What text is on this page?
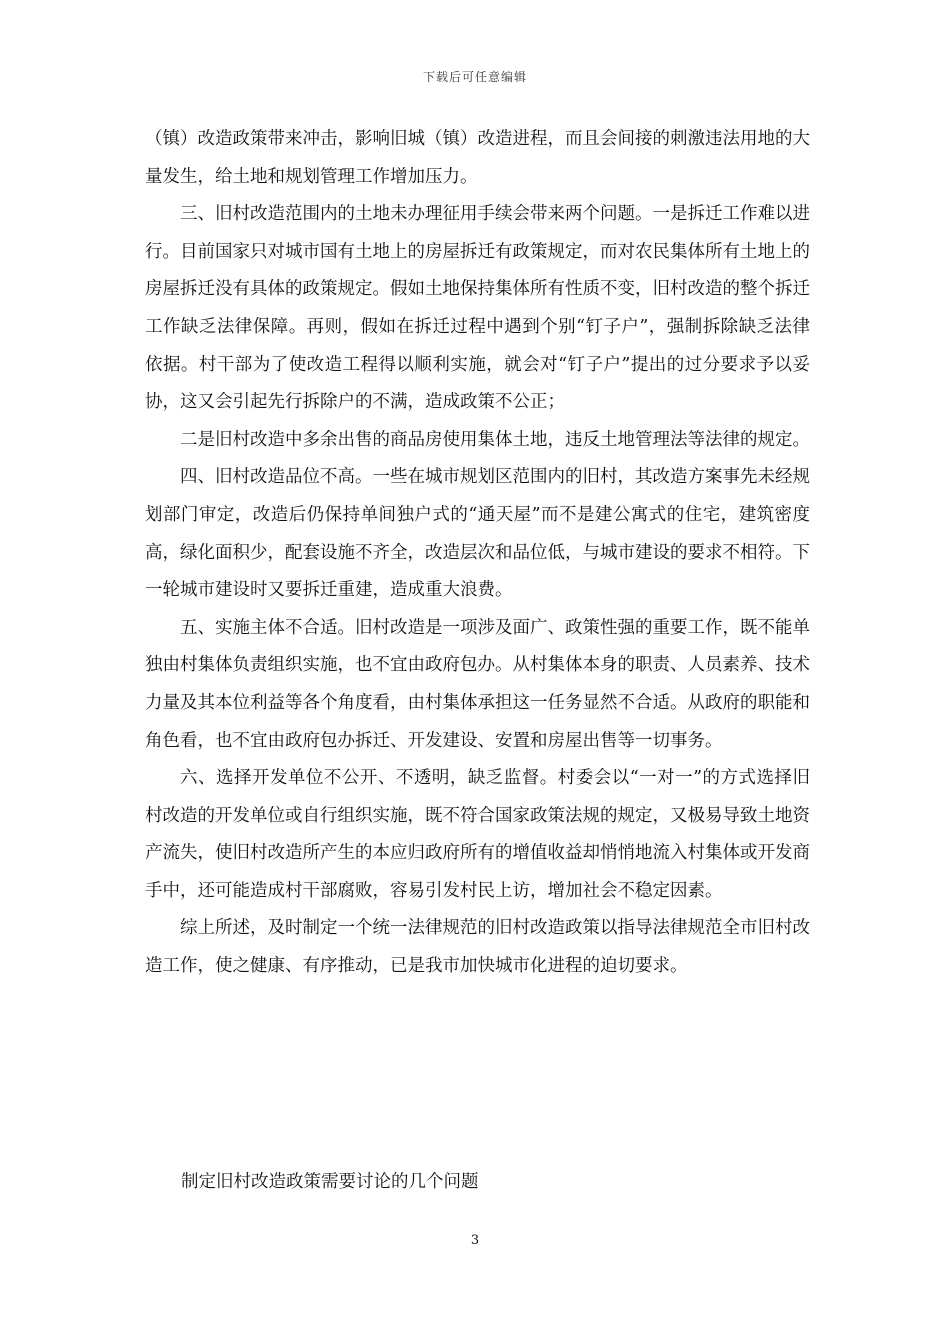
下载后可任意编辑

（镇）改造政策带来冲击，影响旧城（镇）改造进程，而且会间接的刺激违法用地的大量发生，给土地和规划管理工作增加压力。

三、旧村改造范围内的土地未办理征用手续会带来两个问题。一是拆迁工作难以进行。目前国家只对城市国有土地上的房屋拆迁有政策规定，而对农民集体所有土地上的房屋拆迁没有具体的政策规定。假如土地保持集体所有性质不变，旧村改造的整个拆迁工作缺乏法律保障。再则，假如在拆迁过程中遇到个别“钉子户”，强制拆除缺乏法律依据。村干部为了使改造工程得以顺利实施，就会对“钉子户”提出的过分要求予以妥协，这又会引起先行拆除户的不满，造成政策不公正；

二是旧村改造中多余出售的商品房使用集体土地，违反土地管理法等法律的规定。

四、旧村改造品位不高。一些在城市规划区范围内的旧村，其改造方案事先未经规划部门审定，改造后仍保持单间独户式的“通天屋”而不是建公寓式的住宅，建筑密度高，绿化面积少，配套设施不齐全，改造层次和品位低，与城市建设的要求不相符。下一轮城市建设时又要拆迁重建，造成重大浪费。

五、实施主体不合适。旧村改造是一项涉及面广、政策性强的重要工作，既不能单独由村集体负责组织实施，也不宜由政府包办。从村集体本身的职责、人员素养、技术力量及其本位利益等各个角度看，由村集体承担这一任务显然不合适。从政府的职能和角色看，也不宜由政府包办拆迁、开发建设、安置和房屋出售等一切事务。

六、选择开发单位不公开、不透明，缺乏监督。村委会以“一对一”的方式选择旧村改造的开发单位或自行组织实施，既不符合国家政策法规的规定，又极易导致土地资产流失，使旧村改造所产生的本应归政府所有的增值收益却悄悄地流入村集体或开发商手中，还可能造成村干部腐败，容易引发村民上访，增加社会不稳定因素。

综上所述，及时制定一个统一法律规范的旧村改造政策以指导法律规范全市旧村改造工作，使之健康、有序推动，已是我市加快城市化进程的迫切要求。

制定旧村改造政策需要讨论的几个问题
3
